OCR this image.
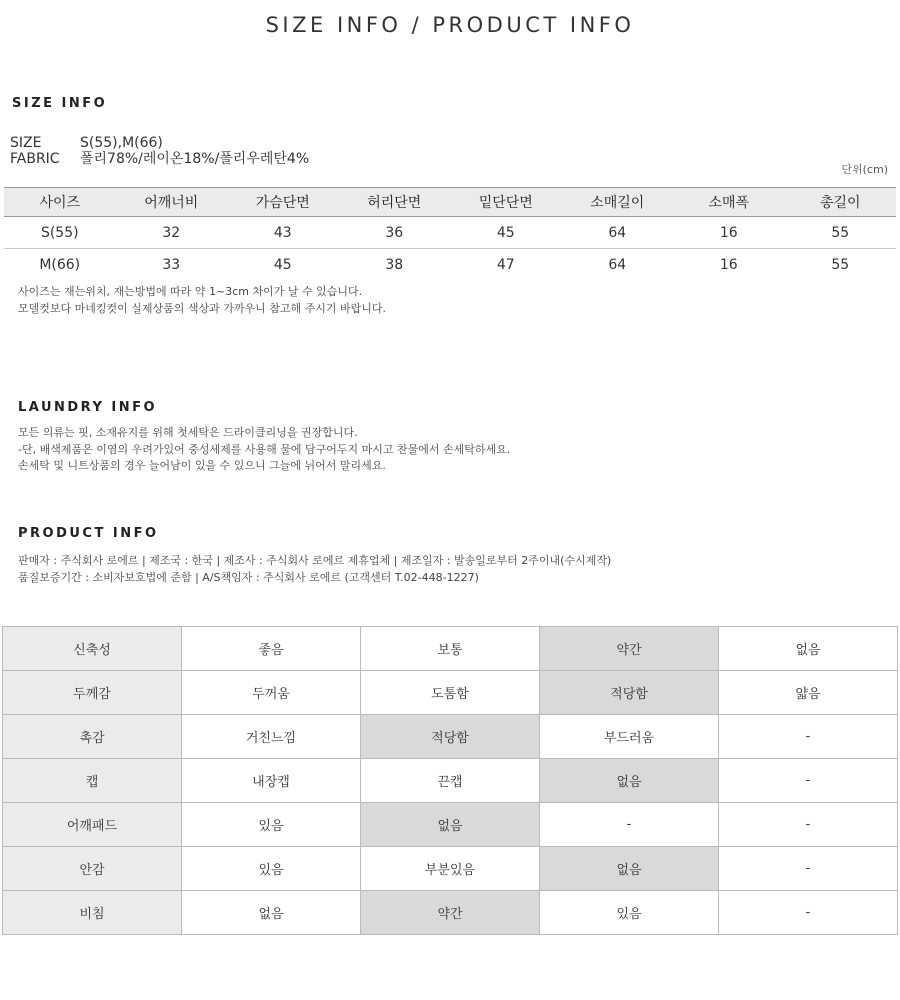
SIZE INFO / PRODUCT INFO
SIZE INFO
SIZE	S(55),M(66)
FABRIC 폴리78%/레이온18%/폴리우레탄4%
단위(cm)
사이즈	어깨너비	가슴단면	허리단면	밑단단면	소매길이	소매폭	총길이
S(55)	32	43	36	45	64	16	55
M(66)	33	45	38	47	64	16	55
사이즈는 재는위치, 재는방법에 따라 약 1~3cm 차이가 날 수 있습니다.
모델컷보다 마네킹컷이 실제상품의 색상과 가까우니 참고해 주시기 바랍니다.
LAUNDRY INFO
모든 의류는 핏, 소재유지를 위해 첫세탁은 드라이클리닝을 권장합니다.
-단, 배색제품은 이염의 우려가있어 중성세제를 사용해 물에 담구어두지 마시고 찬물에서 손세탁하세요.
손세탁 및 니트상품의 경우 늘어남이 있을 수 있으니 그늘에 뉘어서 말리세요.
PRODUCT INFO
판매자 : 주식회사 로에르 | 제조국 : 한국 | 제조사 : 주식회사 로에르 제휴업체 | 제조일자 : 발송일로부터 2주이내(수시제작)
품질보증기간 : 소비자보호법에 준함 | A/S책임자 : 주식회사 로에르 (고객센터 T.02-448-1227)
신축성	좋음	보통	약간	없음
두께감	두꺼움	도톰함	적당함	얇음
촉감	거친느낌	적당함	부드러움	-
캡	내장캡	끈캡	없음	-
어깨패드	있음	없음	-	-
안감	있음	부분있음	없음	-
비침	없음	약간	있음	-
